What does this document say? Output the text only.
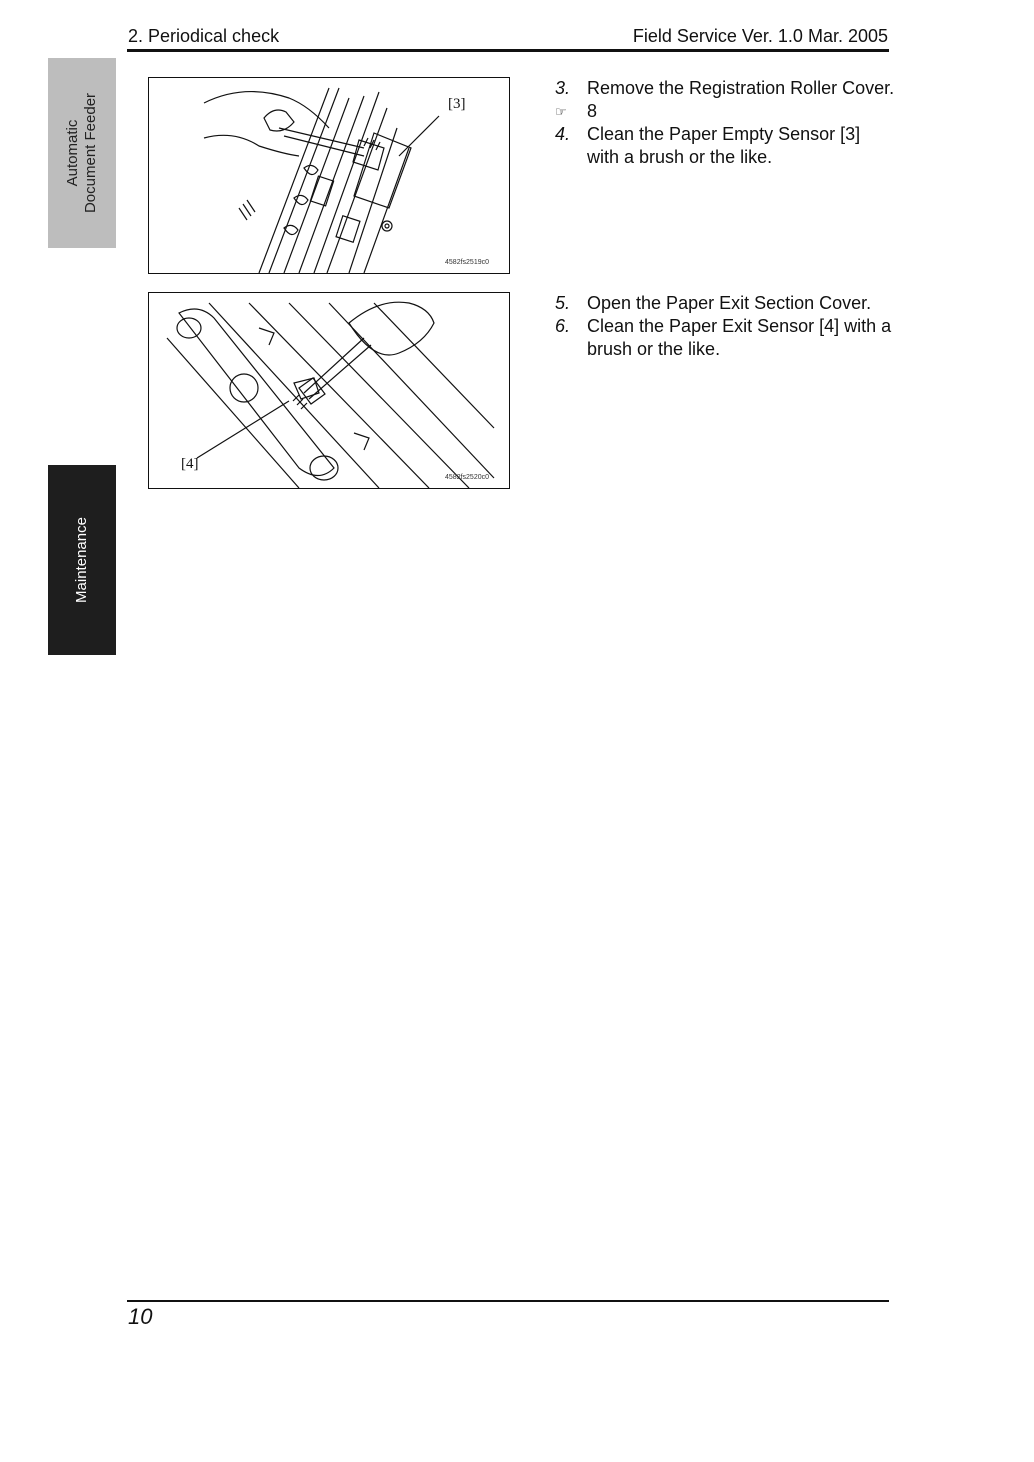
2. Periodical check	Field Service Ver. 1.0 Mar. 2005
Automatic Document Feeder
Maintenance
[3]
4582fs2519c0
3. Remove the Registration Roller Cover.
☞	8
4. Clean the Paper Empty Sensor [3] with a brush or the like.
[4]
4582fs2520c0
5. Open the Paper Exit Section Cover.
6. Clean the Paper Exit Sensor [4] with a brush or the like.
10
